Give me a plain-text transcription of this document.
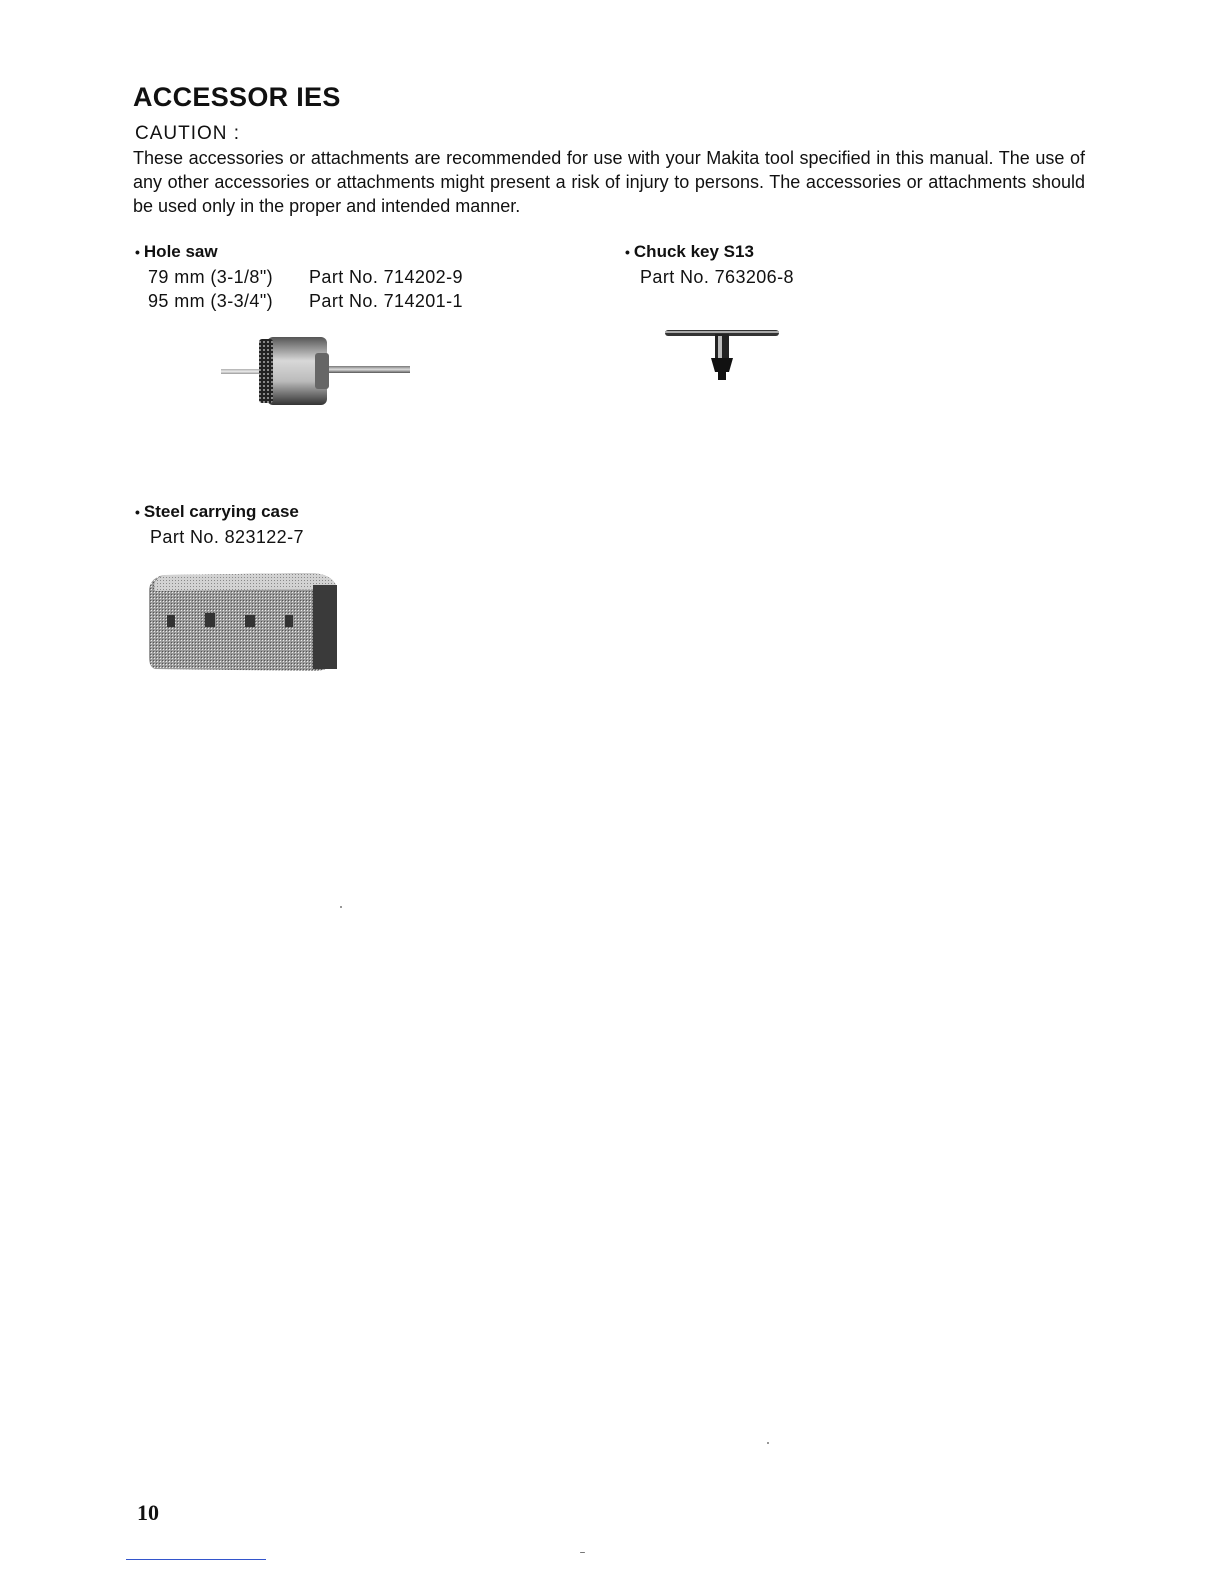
ACCESSOR IES
CAUTION :
These accessories or attachments are recommended for use with your Makita tool specified in this manual. The use of any other accessories or attachments might present a risk of injury to persons. The accessories or attachments should be used only in the proper and intended manner.
• Hole saw
79 mm (3-1/8") Part No. 714202-9
95 mm (3-3/4") Part No. 714201-1
• Chuck key S13
Part No. 763206-8
• Steel carrying case
Part No. 823122-7
10
